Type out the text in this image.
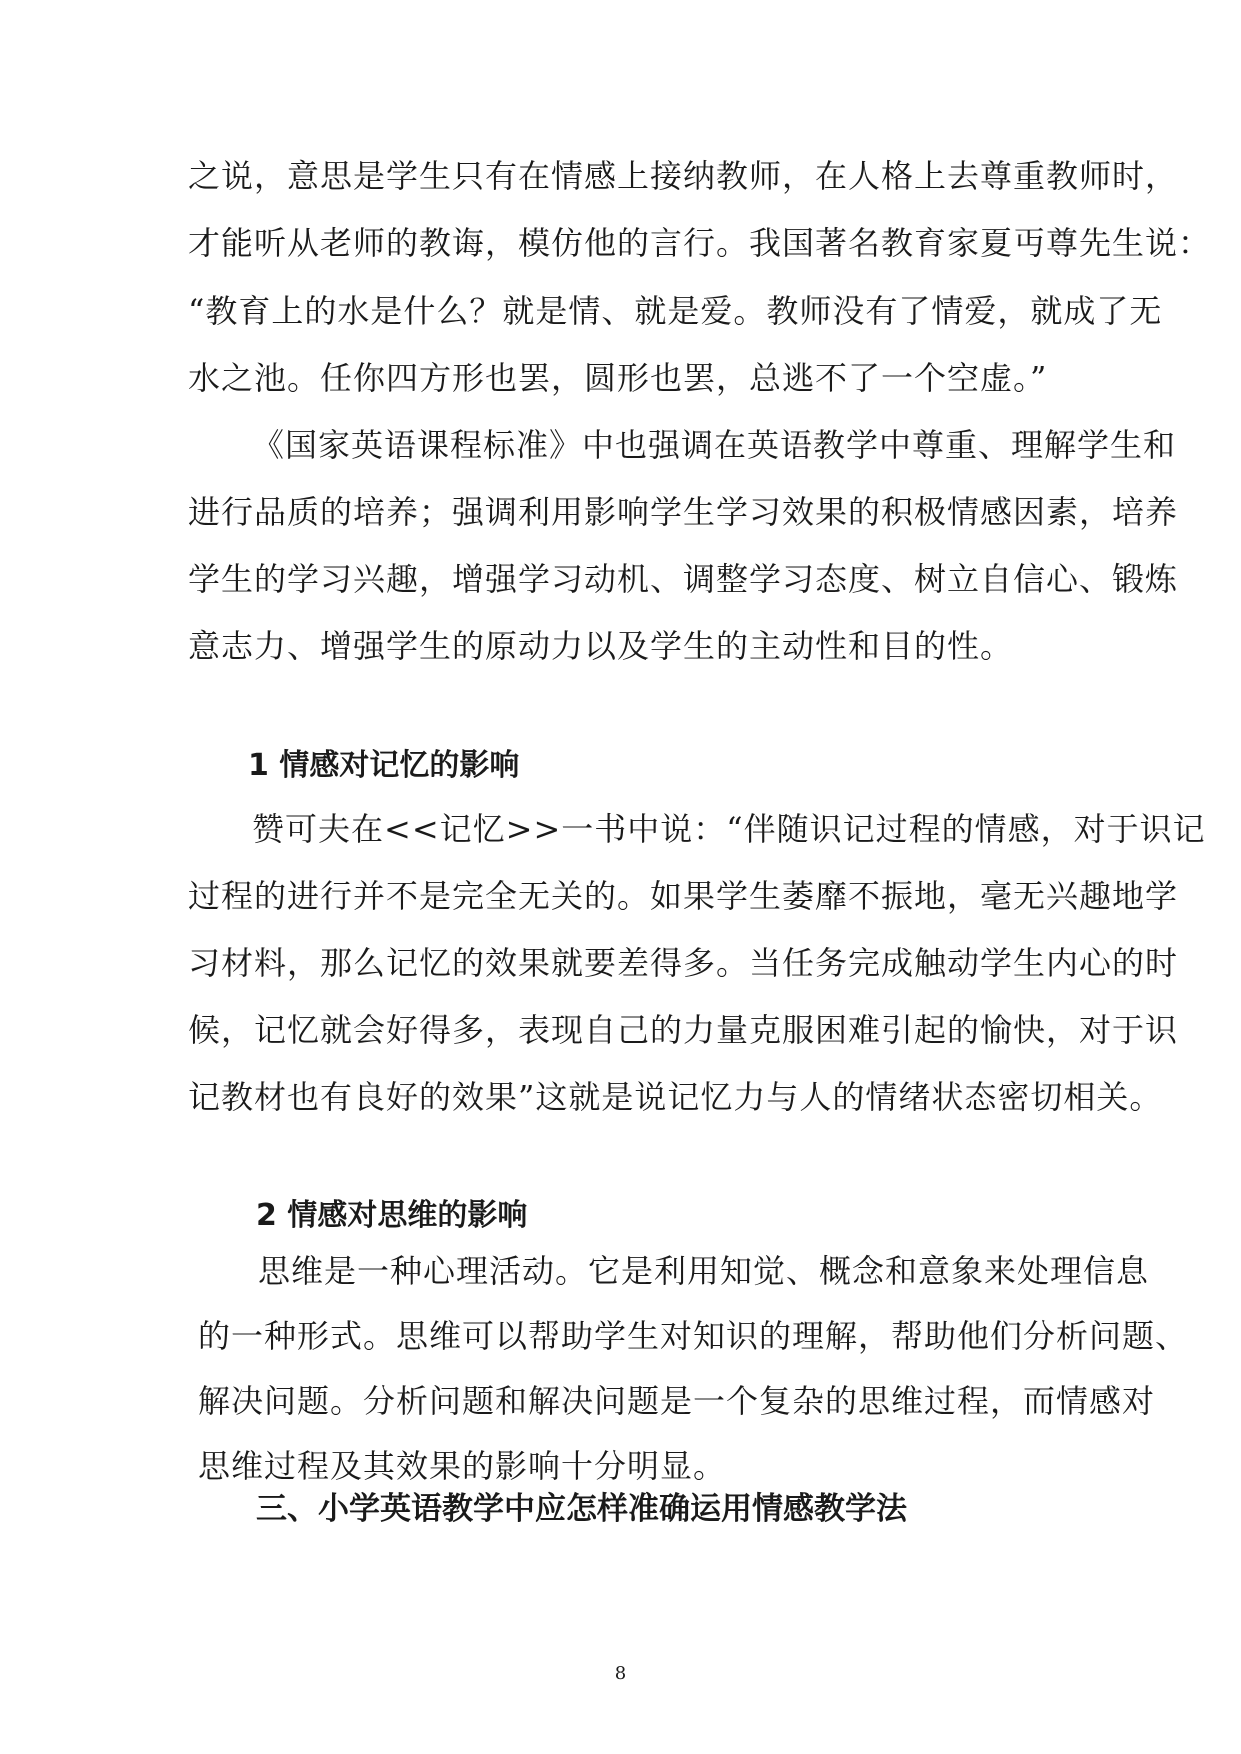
之说，意思是学生只有在情感上接纳教师，在人格上去尊重教师时，
才能听从老师的教诲，模仿他的言行。我国著名教育家夏丏尊先生说：
“教育上的水是什么？就是情、就是爱。教师没有了情爱，就成了无
水之池。任你四方形也罢，圆形也罢，总逃不了一个空虚。”
《国家英语课程标准》中也强调在英语教学中尊重、理解学生和
进行品质的培养；强调利用影响学生学习效果的积极情感因素，培养
学生的学习兴趣，增强学习动机、调整学习态度、树立自信心、锻炼
意志力、增强学生的原动力以及学生的主动性和目的性。
1 情感对记忆的影响
赞可夫在<<记忆>>一书中说：“伴随识记过程的情感，对于识记
过程的进行并不是完全无关的。如果学生萎靡不振地，毫无兴趣地学
习材料，那么记忆的效果就要差得多。当任务完成触动学生内心的时
候，记忆就会好得多，表现自己的力量克服困难引起的愉快，对于识
记教材也有良好的效果”这就是说记忆力与人的情绪状态密切相关。
2 情感对思维的影响
思维是一种心理活动。它是利用知觉、概念和意象来处理信息
的一种形式。思维可以帮助学生对知识的理解，帮助他们分析问题、
解决问题。分析问题和解决问题是一个复杂的思维过程，而情感对
思维过程及其效果的影响十分明显。
三、小学英语教学中应怎样准确运用情感教学法
8
